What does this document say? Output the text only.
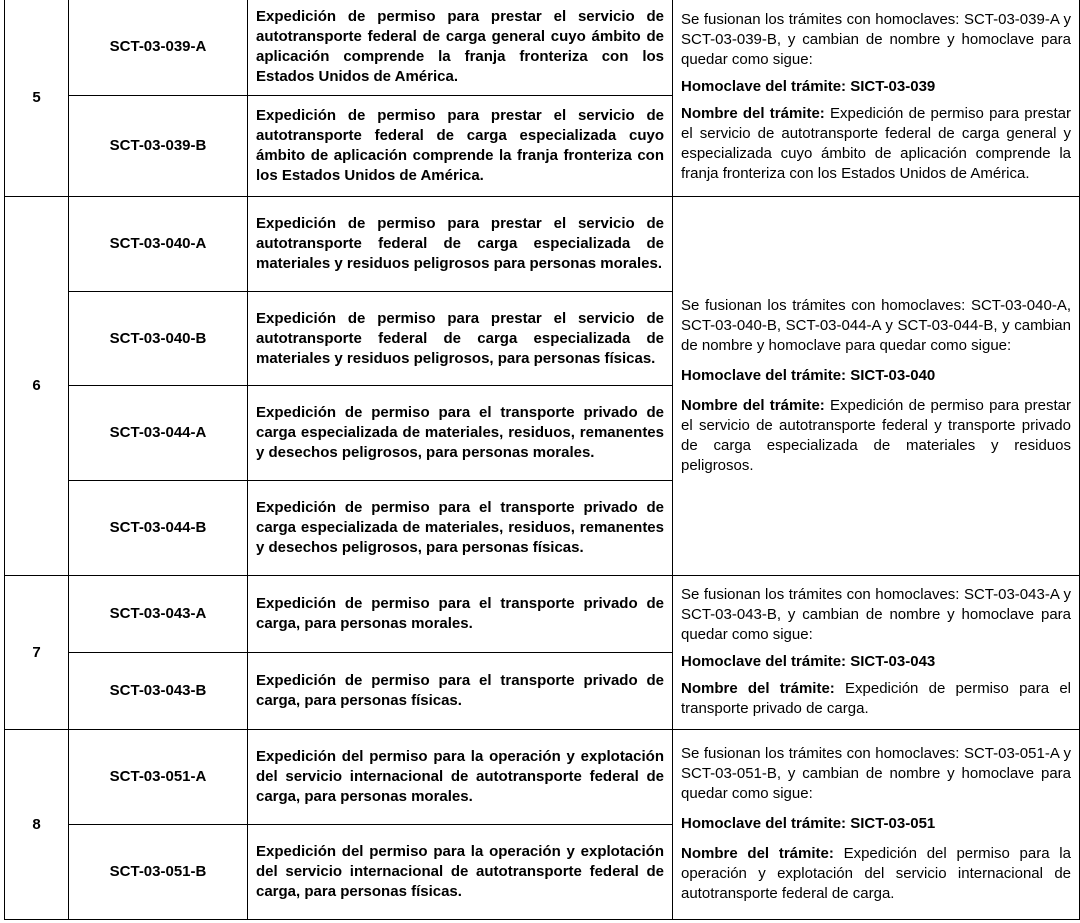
5	SCT-03-039-A	Expedición de permiso para prestar el servicio de autotransporte federal de carga general cuyo ámbito de aplicación comprende la franja fronteriza con los Estados Unidos de América.	Se fusionan los trámites con homoclaves: SCT-03-039-A y SCT-03-039-B, y cambian de nombre y homoclave para quedar como sigue:

Homoclave del trámite: SICT-03-039

Nombre del trámite: Expedición de permiso para prestar el servicio de autotransporte federal de carga general y especializada cuyo ámbito de aplicación comprende la franja fronteriza con los Estados Unidos de América.

	SCT-03-039-B	Expedición de permiso para prestar el servicio de autotransporte federal de carga especializada cuyo ámbito de aplicación comprende la franja fronteriza con los Estados Unidos de América.	
6	SCT-03-040-A	Expedición de permiso para prestar el servicio de autotransporte federal de carga especializada de materiales y residuos peligrosos para personas morales.	Se fusionan los trámites con homoclaves: SCT-03-040-A, SCT-03-040-B, SCT-03-044-A y SCT-03-044-B, y cambian de nombre y homoclave para quedar como sigue:

Homoclave del trámite: SICT-03-040

Nombre del trámite: Expedición de permiso para prestar el servicio de autotransporte federal y transporte privado de carga especializada de materiales y residuos peligrosos.

	SCT-03-040-B	Expedición de permiso para prestar el servicio de autotransporte federal de carga especializada de materiales y residuos peligrosos, para personas físicas.	
	SCT-03-044-A	Expedición de permiso para el transporte privado de carga especializada de materiales, residuos, remanentes y desechos peligrosos, para personas morales.	
	SCT-03-044-B	Expedición de permiso para el transporte privado de carga especializada de materiales, residuos, remanentes y desechos peligrosos, para personas físicas.	
7	SCT-03-043-A	Expedición de permiso para el transporte privado de carga, para personas morales.	Se fusionan los trámites con homoclaves: SCT-03-043-A y SCT-03-043-B, y cambian de nombre y homoclave para quedar como sigue:

Homoclave del trámite: SICT-03-043

Nombre del trámite: Expedición de permiso para el transporte privado de carga.

	SCT-03-043-B	Expedición de permiso para el transporte privado de carga, para personas físicas.	
8	SCT-03-051-A	Expedición del permiso para la operación y explotación del servicio internacional de autotransporte federal de carga, para personas morales.	Se fusionan los trámites con homoclaves: SCT-03-051-A y SCT-03-051-B, y cambian de nombre y homoclave para quedar como sigue:

Homoclave del trámite: SICT-03-051

Nombre del trámite: Expedición del permiso para la operación y explotación del servicio internacional de autotransporte federal de carga.

	SCT-03-051-B	Expedición del permiso para la operación y explotación del servicio internacional de autotransporte federal de carga, para personas físicas.	
